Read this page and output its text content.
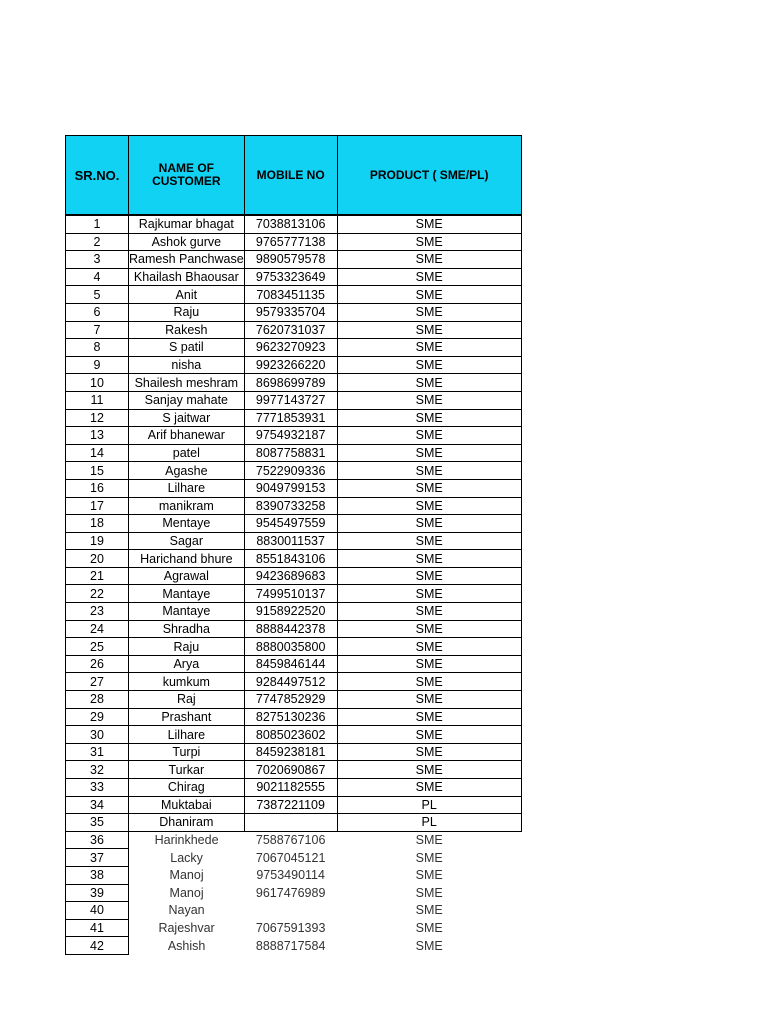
SR.NO.	NAME OF CUSTOMER	MOBILE NO	PRODUCT ( SME/PL)

1	Rajkumar bhagat	7038813106	SME
2	Ashok gurve	9765777138	SME
3	Ramesh Panchwase	9890579578	SME
4	Khailash Bhaousar	9753323649	SME
5	Anit	7083451135	SME
6	Raju	9579335704	SME
7	Rakesh	7620731037	SME
8	S patil	9623270923	SME
9	nisha	9923266220	SME
10	Shailesh meshram	8698699789	SME
11	Sanjay mahate	9977143727	SME
12	S jaitwar	7771853931	SME
13	Arif bhanewar	9754932187	SME
14	patel	8087758831	SME
15	Agashe	7522909336	SME
16	Lilhare	9049799153	SME
17	manikram	8390733258	SME
18	Mentaye	9545497559	SME
19	Sagar	8830011537	SME
20	Harichand bhure	8551843106	SME
21	Agrawal	9423689683	SME
22	Mantaye	7499510137	SME
23	Mantaye	9158922520	SME
24	Shradha	8888442378	SME
25	Raju	8880035800	SME
26	Arya	8459846144	SME
27	kumkum	9284497512	SME
28	Raj	7747852929	SME
29	Prashant	8275130236	SME
30	Lilhare	8085023602	SME
31	Turpi	8459238181	SME
32	Turkar	7020690867	SME
33	Chirag	9021182555	SME
34	Muktabai	7387221109	PL
35	Dhaniram		PL
36	Harinkhede	7588767106	SME
37	Lacky	7067045121	SME
38	Manoj	9753490114	SME
39	Manoj	9617476989	SME
40	Nayan		SME
41	Rajeshvar	7067591393	SME
42	Ashish	8888717584	SME
